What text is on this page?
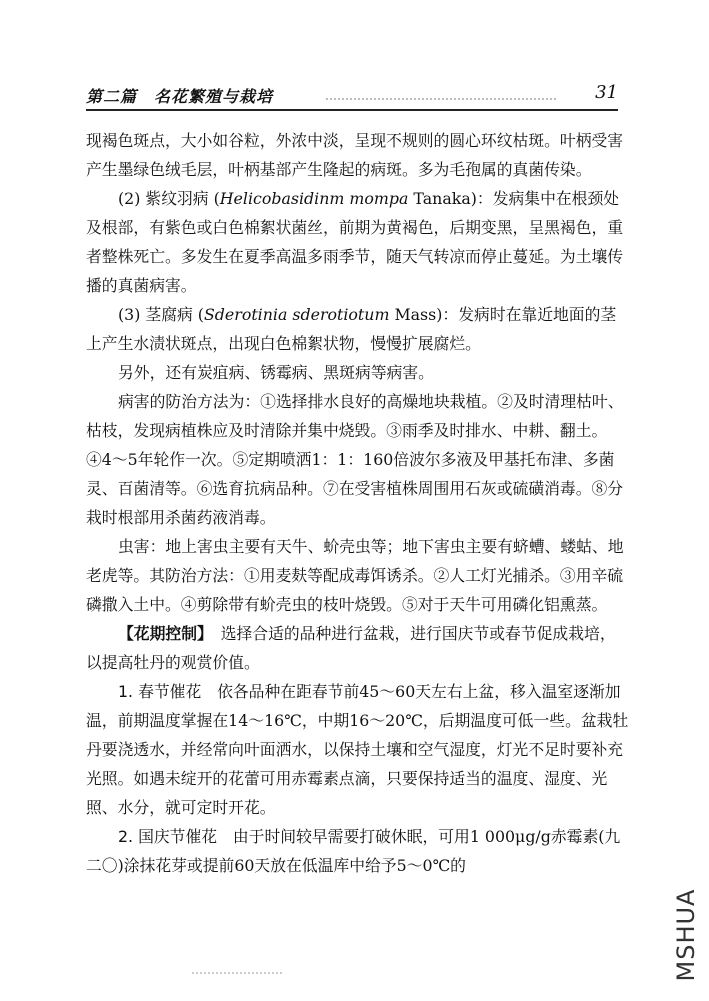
第二篇　名花繁殖与栽培	31

现褐色斑点，大小如谷粒，外浓中淡，呈现不规则的圆心环纹枯斑。叶柄受害产生墨绿色绒毛层，叶柄基部产生隆起的病斑。多为毛孢属的真菌传染。

(2) 紫纹羽病 (Helicobasidinm mompa Tanaka)：发病集中在根颈处及根部，有紫色或白色棉絮状菌丝，前期为黄褐色，后期变黑，呈黑褐色，重者整株死亡。多发生在夏季高温多雨季节，随天气转凉而停止蔓延。为土壤传播的真菌病害。

(3) 茎腐病 (Sderotinia sderotiotum Mass)：发病时在靠近地面的茎上产生水渍状斑点，出现白色棉絮状物，慢慢扩展腐烂。

另外，还有炭疽病、锈霉病、黑斑病等病害。

病害的防治方法为：①选择排水良好的高燥地块栽植。②及时清理枯叶、枯枝，发现病植株应及时清除并集中烧毁。③雨季及时排水、中耕、翻土。④4～5年轮作一次。⑤定期喷洒1：1：160倍波尔多液及甲基托布津、多菌灵、百菌清等。⑥选育抗病品种。⑦在受害植株周围用石灰或硫磺消毒。⑧分栽时根部用杀菌药液消毒。

虫害：地上害虫主要有天牛、蚧壳虫等；地下害虫主要有蛴螬、蝼蛄、地老虎等。其防治方法：①用麦麸等配成毒饵诱杀。②人工灯光捕杀。③用辛硫磷撒入土中。④剪除带有蚧壳虫的枝叶烧毁。⑤对于天牛可用磷化铝熏蒸。

【花期控制】　选择合适的品种进行盆栽，进行国庆节或春节促成栽培，以提高牡丹的观赏价值。

1. 春节催花　依各品种在距春节前45～60天左右上盆，移入温室逐渐加温，前期温度掌握在14～16℃，中期16～20℃，后期温度可低一些。盆栽牡丹要浇透水，并经常向叶面洒水，以保持土壤和空气湿度，灯光不足时要补充光照。如遇未绽开的花蕾可用赤霉素点滴，只要保持适当的温度、湿度、光照、水分，就可定时开花。

2. 国庆节催花　由于时间较早需要打破休眠，可用1 000μg/g赤霉素(九二〇)涂抹花芽或提前60天放在低温库中给予5～0℃的

MSHUA
